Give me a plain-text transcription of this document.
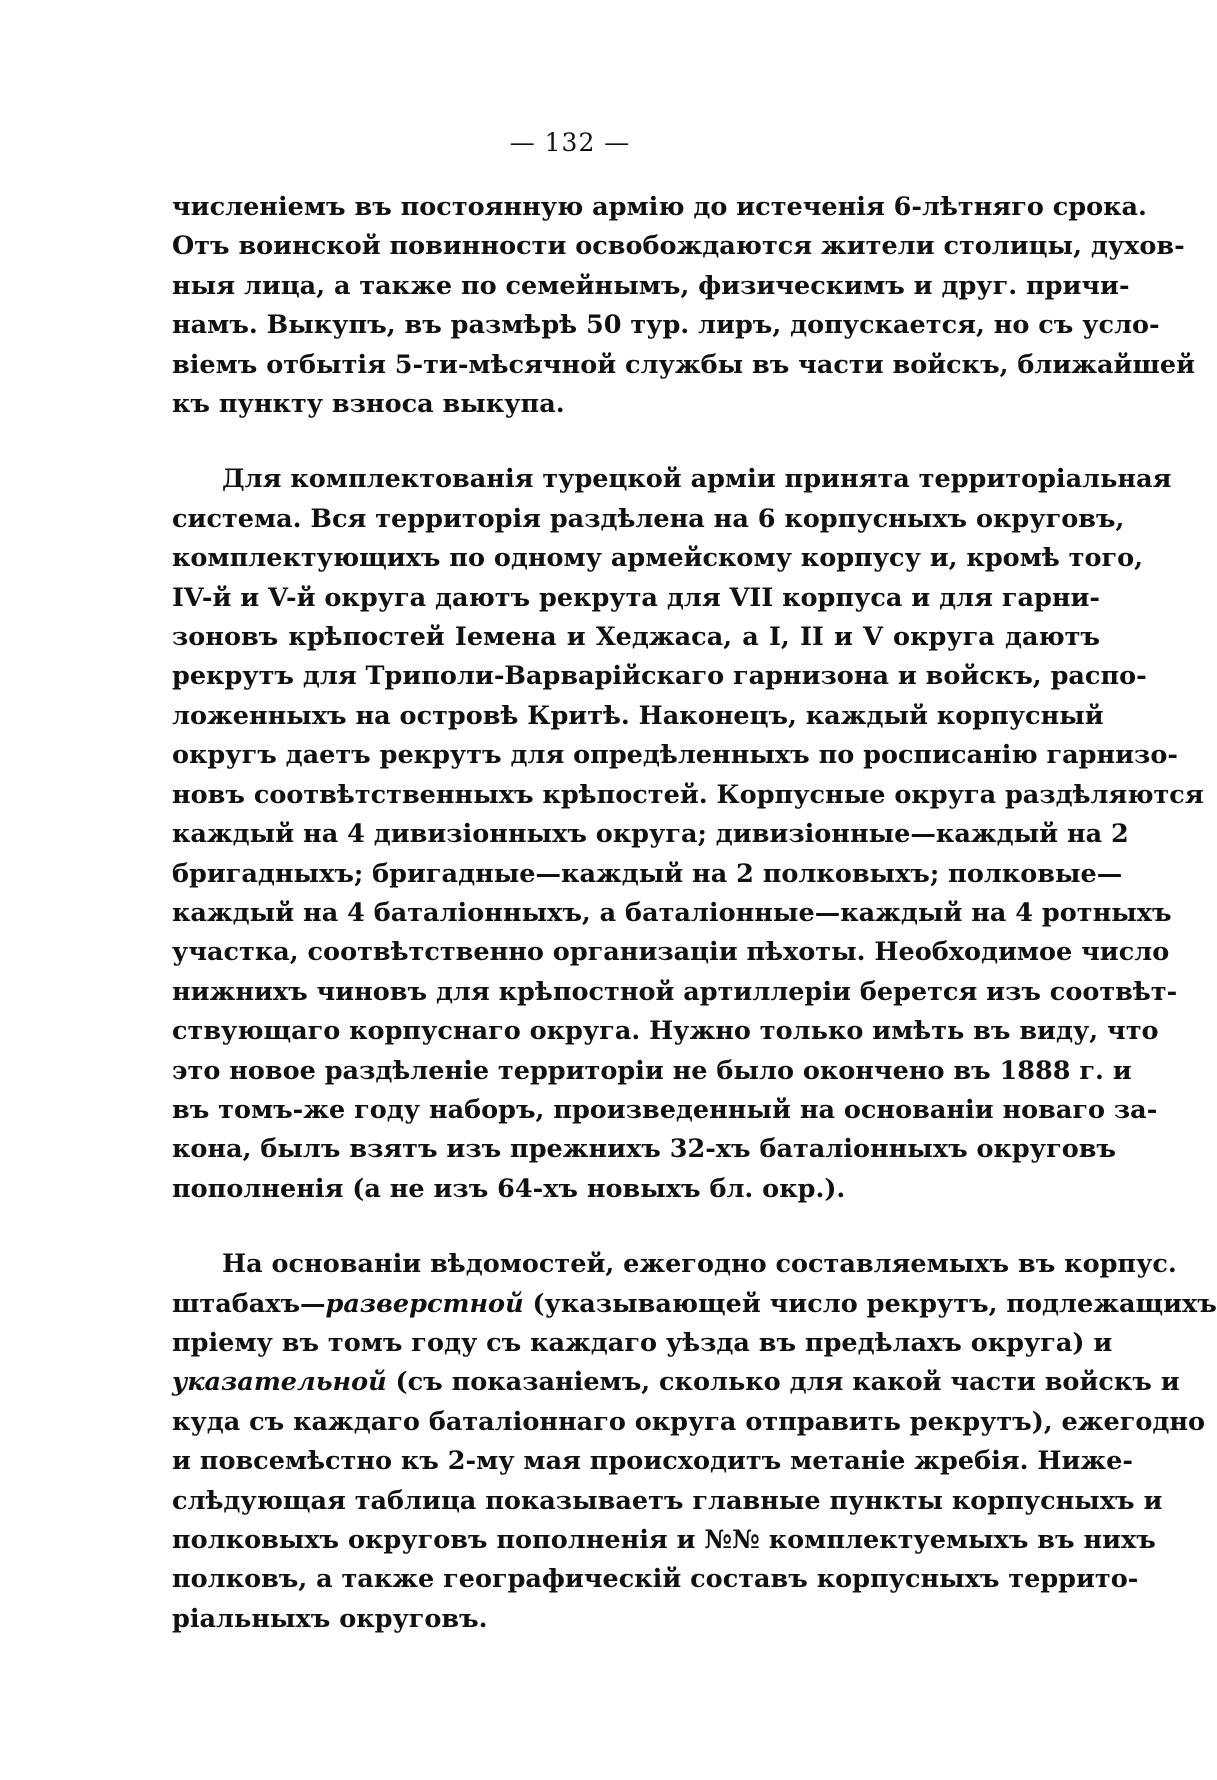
— 132 —

численіемъ въ постоянную армію до истеченія 6-лѣтняго срока.
Отъ воинской повинности освобождаются жители столицы, духов-
ныя лица, а также по семейнымъ, физическимъ и друг. причи-
намъ. Выкупъ, въ размѣрѣ 50 тур. лиръ, допускается, но съ усло-
віемъ отбытія 5-ти-мѣсячной службы въ части войскъ, ближайшей
къ пункту взноса выкупа.

Для комплектованія турецкой арміи принята территоріальная
система. Вся территорія раздѣлена на 6 корпусныхъ округовъ,
комплектующихъ по одному армейскому корпусу и, кромѣ того,
IV-й и V-й округа даютъ рекрута для VII корпуса и для гарни-
зоновъ крѣпостей Іемена и Хеджаса, а I, II и V округа даютъ
рекрутъ для Триполи-Варварійскаго гарнизона и войскъ, распо-
ложенныхъ на островѣ Критѣ. Наконецъ, каждый корпусный
округъ даетъ рекрутъ для опредѣленныхъ по росписанію гарнизо-
новъ соотвѣтственныхъ крѣпостей. Корпусные округа раздѣляются
каждый на 4 дивизіонныхъ округа; дивизіонные—каждый на 2
бригадныхъ; бригадные—каждый на 2 полковыхъ; полковые—
каждый на 4 баталіонныхъ, а баталіонные—каждый на 4 ротныхъ
участка, соотвѣтственно организаціи пѣхоты. Необходимое число
нижнихъ чиновъ для крѣпостной артиллеріи берется изъ соотвѣт-
ствующаго корпуснаго округа. Нужно только имѣть въ виду, что
это новое раздѣленіе территоріи не было окончено въ 1888 г. и
въ томъ-же году наборъ, произведенный на основаніи новаго за-
кона, былъ взятъ изъ прежнихъ 32-хъ баталіонныхъ округовъ
пополненія (а не изъ 64-хъ новыхъ бл. окр.).

На основаніи вѣдомостей, ежегодно составляемыхъ въ корпус.
штабахъ—разверстной (указывающей число рекрутъ, подлежащихъ
пріему въ томъ году съ каждаго уѣзда въ предѣлахъ округа) и
указательной (съ показаніемъ, сколько для какой части войскъ и
куда съ каждаго баталіоннаго округа отправить рекрутъ), ежегодно
и повсемѣстно къ 2-му мая происходитъ метаніе жребія. Ниже-
слѣдующая таблица показываетъ главные пункты корпусныхъ и
полковыхъ округовъ пополненія и №№ комплектуемыхъ въ нихъ
полковъ, а также географическій составъ корпусныхъ террито-
ріальныхъ округовъ.
